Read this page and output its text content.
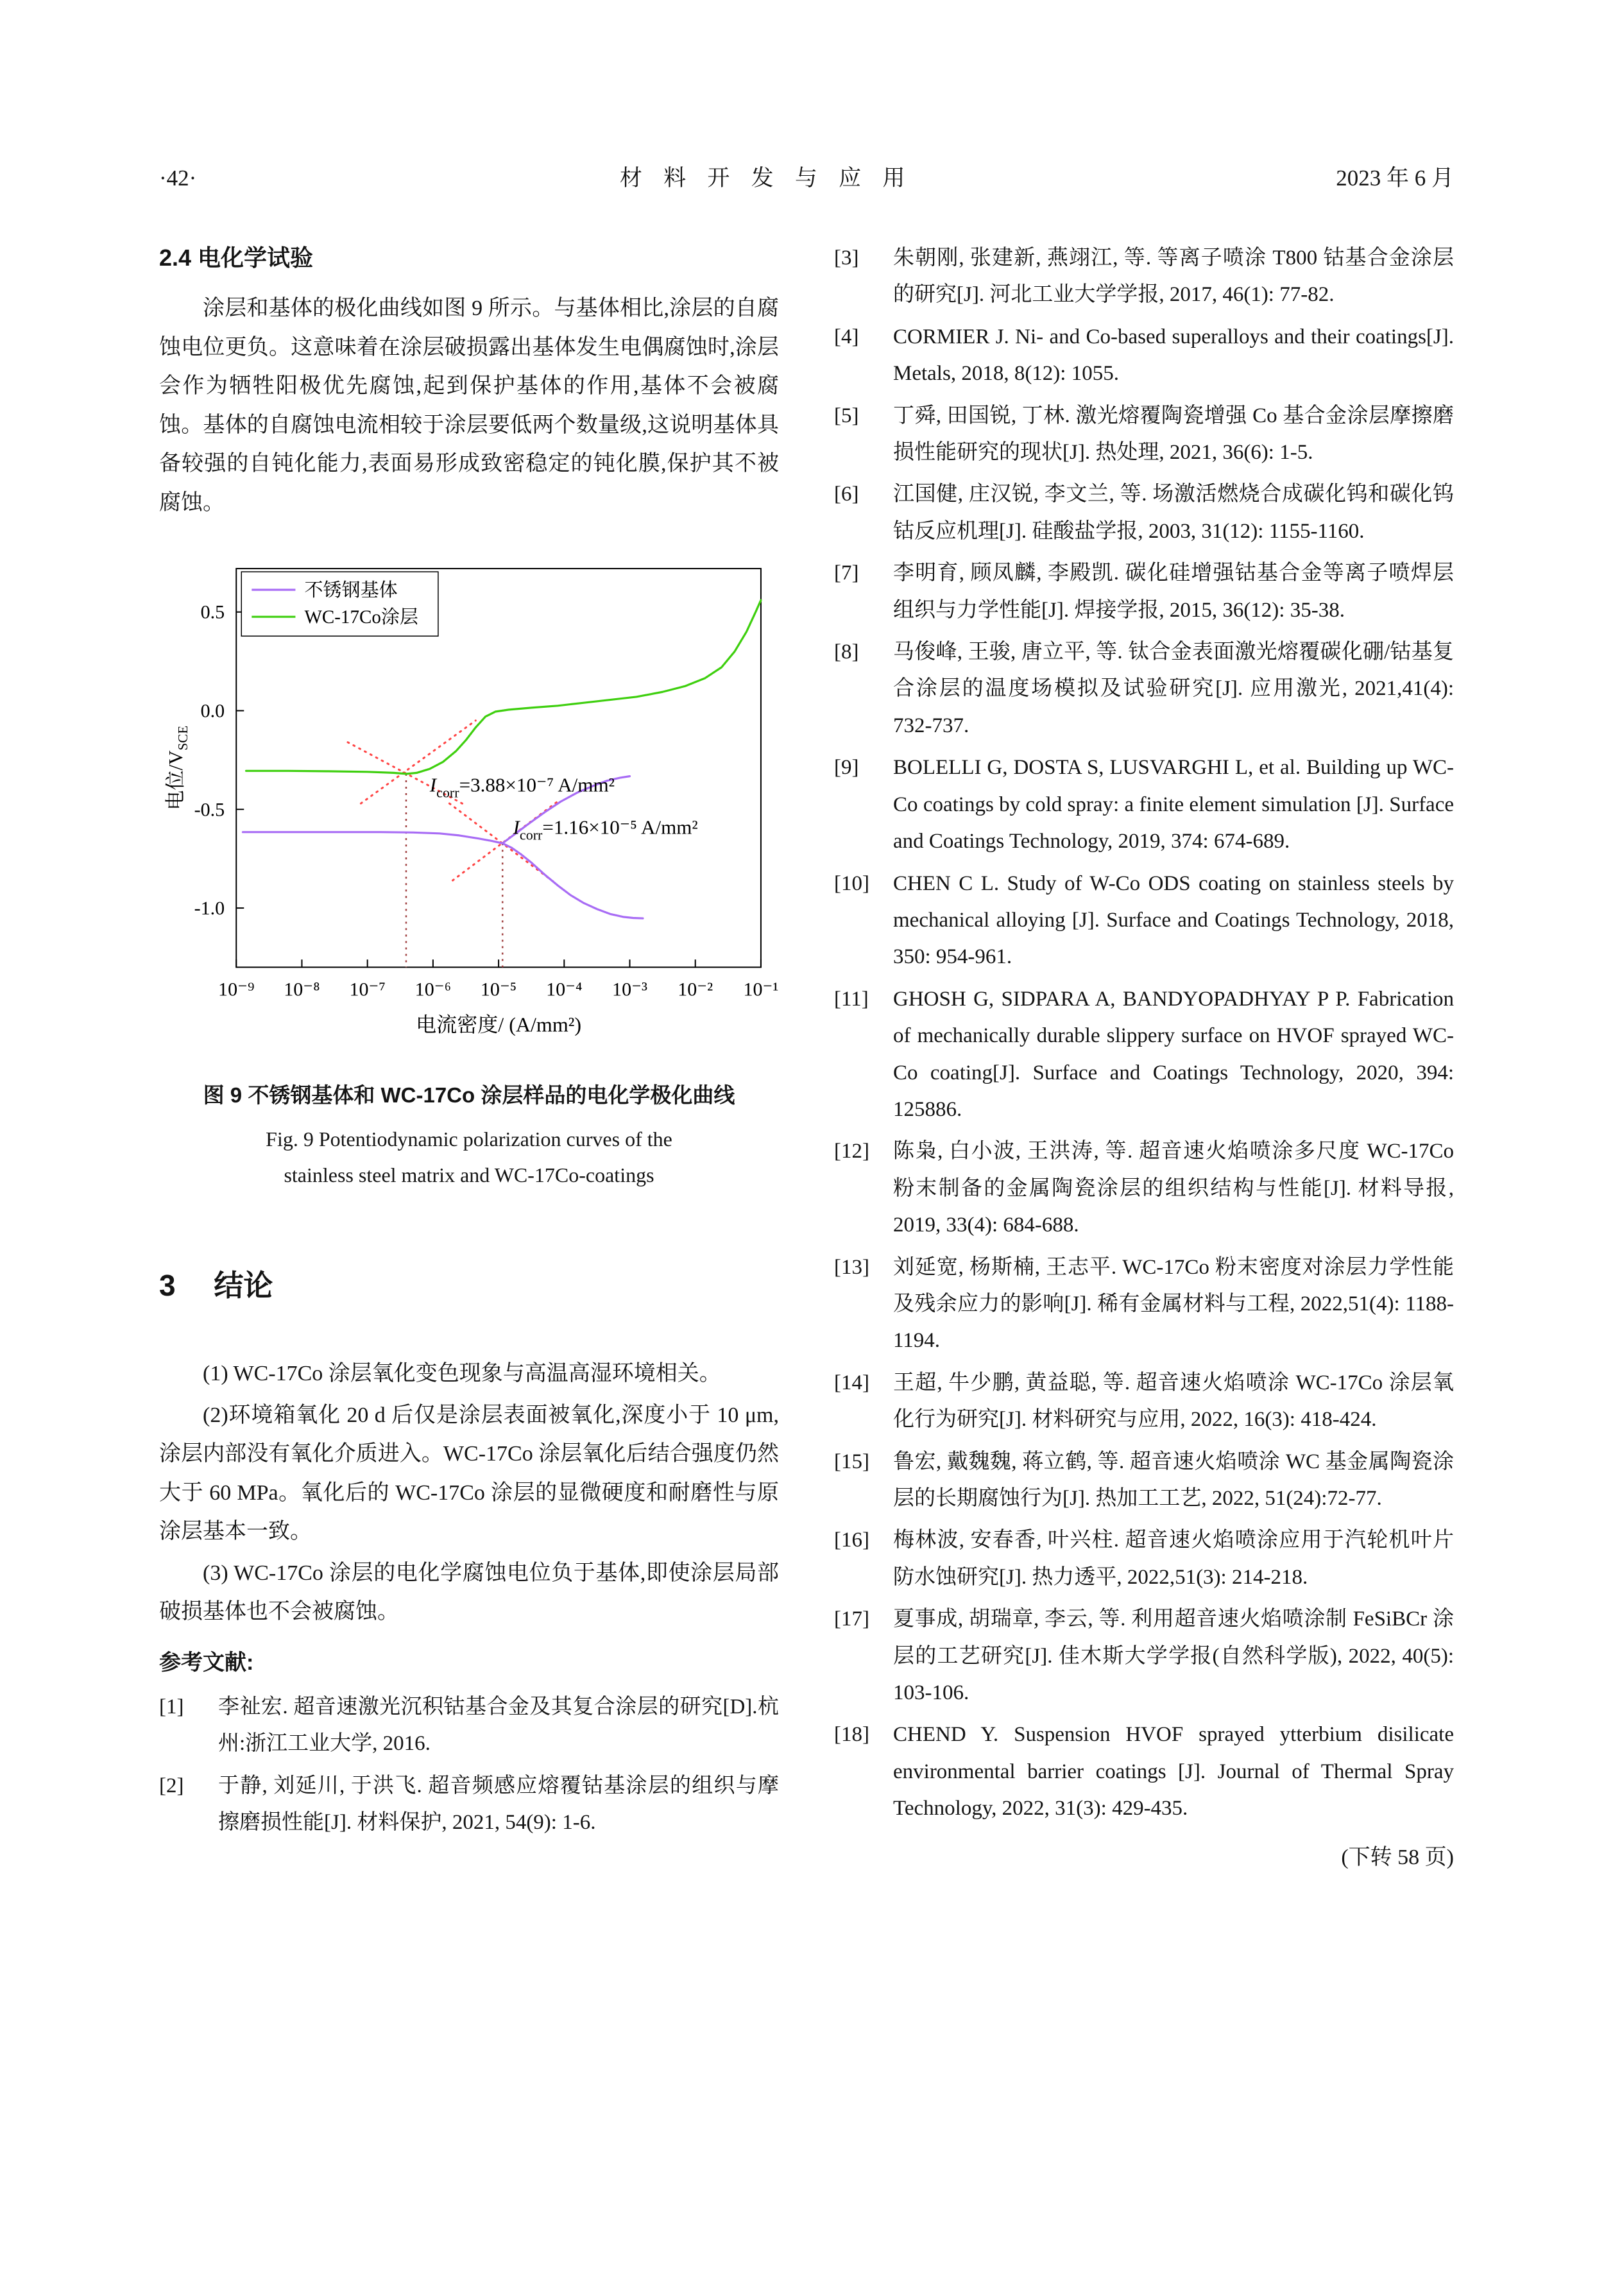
·42·	材 料 开 发 与 应 用	2023 年 6 月
2.4 电化学试验

涂层和基体的极化曲线如图 9 所示。与基体相比,涂层的自腐蚀电位更负。这意味着在涂层破损露出基体发生电偶腐蚀时,涂层会作为牺牲阳极优先腐蚀,起到保护基体的作用,基体不会被腐蚀。基体的自腐蚀电流相较于涂层要低两个数量级,这说明基体具备较强的自钝化能力,表面易形成致密稳定的钝化膜,保护其不被腐蚀。

10⁻⁹ 10⁻⁸ 10⁻⁷ 10⁻⁶ 10⁻⁵ 10⁻⁴ 10⁻³ 10⁻² 10⁻¹
0.5
0.0
-0.5
-1.0
电流密度/ (A/mm²)
电位$/V_{SCE}$
不锈钢基体
WC-17Co涂层
$I_{corr}=3.88\times 10^{-7}$ A/mm²
$I_{corr}=1.16\times 10^{-5}$ A/mm²
图 9 不锈钢基体和 WC-17Co 涂层样品的电化学极化曲线
Fig. 9 Potentiodynamic polarization curves of the stainless steel matrix and WC-17Co-coatings
3 结论

(1) WC-17Co 涂层氧化变色现象与高温高湿环境相关。

(2)环境箱氧化 20 d 后仅是涂层表面被氧化,深度小于 10 μm,涂层内部没有氧化介质进入。WC-17Co 涂层氧化后结合强度仍然大于 60 MPa。氧化后的 WC-17Co 涂层的显微硬度和耐磨性与原涂层基本一致。

(3) WC-17Co 涂层的电化学腐蚀电位负于基体,即使涂层局部破损基体也不会被腐蚀。

参考文献:
[1]	李祉宏. 超音速激光沉积钴基合金及其复合涂层的研究[D].杭州:浙江工业大学, 2016.
[2]	于静, 刘延川, 于洪飞. 超音频感应熔覆钴基涂层的组织与摩擦磨损性能[J]. 材料保护, 2021, 54(9): 1-6.
[3]	朱朝刚, 张建新, 燕翊江, 等. 等离子喷涂 T800 钴基合金涂层的研究[J]. 河北工业大学学报, 2017, 46(1): 77-82.
[4]	CORMIER J. Ni- and Co-based superalloys and their coatings[J]. Metals, 2018, 8(12): 1055.
[5]	丁舜, 田国锐, 丁林. 激光熔覆陶瓷增强 Co 基合金涂层摩擦磨损性能研究的现状[J]. 热处理, 2021, 36(6): 1-5.
[6]	江国健, 庄汉锐, 李文兰, 等. 场激活燃烧合成碳化钨和碳化钨钴反应机理[J]. 硅酸盐学报, 2003, 31(12): 1155-1160.
[7]	李明育, 顾凤麟, 李殿凯. 碳化硅增强钴基合金等离子喷焊层组织与力学性能[J]. 焊接学报, 2015, 36(12): 35-38.
[8]	马俊峰, 王骏, 唐立平, 等. 钛合金表面激光熔覆碳化硼/钴基复合涂层的温度场模拟及试验研究[J]. 应用激光, 2021,41(4): 732-737.
[9]	BOLELLI G, DOSTA S, LUSVARGHI L, et al. Building up WC-Co coatings by cold spray: a finite element simulation [J]. Surface and Coatings Technology, 2019, 374: 674-689.
[10]	CHEN C L. Study of W-Co ODS coating on stainless steels by mechanical alloying [J]. Surface and Coatings Technology, 2018, 350: 954-961.
[11]	GHOSH G, SIDPARA A, BANDYOPADHYAY P P. Fabrication of mechanically durable slippery surface on HVOF sprayed WC-Co coating[J]. Surface and Coatings Technology, 2020, 394: 125886.
[12]	陈枭, 白小波, 王洪涛, 等. 超音速火焰喷涂多尺度 WC-17Co 粉末制备的金属陶瓷涂层的组织结构与性能[J]. 材料导报, 2019, 33(4): 684-688.
[13]	刘延宽, 杨斯楠, 王志平. WC-17Co 粉末密度对涂层力学性能及残余应力的影响[J]. 稀有金属材料与工程, 2022,51(4): 1188-1194.
[14]	王超, 牛少鹏, 黄益聪, 等. 超音速火焰喷涂 WC-17Co 涂层氧化行为研究[J]. 材料研究与应用, 2022, 16(3): 418-424.
[15]	鲁宏, 戴魏魏, 蒋立鹤, 等. 超音速火焰喷涂 WC 基金属陶瓷涂层的长期腐蚀行为[J]. 热加工工艺, 2022, 51(24):72-77.
[16]	梅林波, 安春香, 叶兴柱. 超音速火焰喷涂应用于汽轮机叶片防水蚀研究[J]. 热力透平, 2022,51(3): 214-218.
[17]	夏事成, 胡瑞章, 李云, 等. 利用超音速火焰喷涂制 FeSiBCr 涂层的工艺研究[J]. 佳木斯大学学报(自然科学版), 2022, 40(5): 103-106.
[18]	CHEND Y. Suspension HVOF sprayed ytterbium disilicate environmental barrier coatings [J]. Journal of Thermal Spray Technology, 2022, 31(3): 429-435.
(下转 58 页)
